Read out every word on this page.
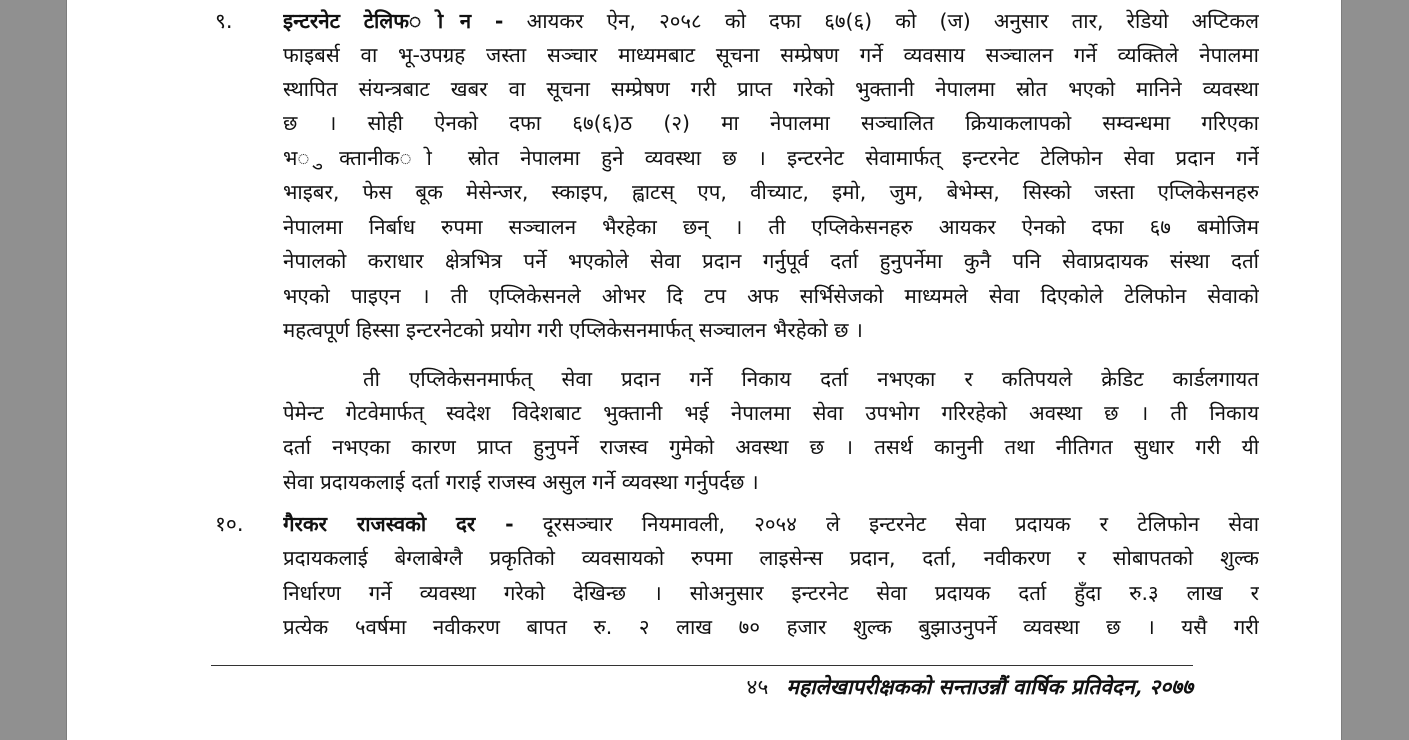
९. इन्टरनेट टेलिफ◌ोन - आयकर ऐन, २०५८ को दफा ६७(६) को (ज) अनुसार तार, रेडियो अप्टिकल
फाइबर्स वा भू-उपग्रह जस्ता सञ्चार माध्यमबाट सूचना सम्प्रेषण गर्ने व्यवसाय सञ्चालन गर्ने व्यक्तिले नेपालमा
स्थापित संयन्त्रबाट खबर वा सूचना सम्प्रेषण गरी प्राप्त गरेको भुक्तानी नेपालमा स्रोत भएको मानिने व्यवस्था
छ । सोही ऐनको दफा ६७(६)ठ (२) मा नेपालमा सञ्चालित क्रियाकलापको सम्वन्धमा गरिएका
भ◌ुक्तानीक◌ो स्रोत नेपालमा हुने व्यवस्था छ । इन्टरनेट सेवामार्फत् इन्टरनेट टेलिफोन सेवा प्रदान गर्ने
भाइबर, फेस बूक मेसेन्जर, स्काइप, ह्वाटस् एप, वीच्याट, इमो, जुम, बेभेम्स, सिस्को जस्ता एप्लिकेसनहरु
नेपालमा निर्बाध रुपमा सञ्चालन भैरहेका छन् । ती एप्लिकेसनहरु आयकर ऐनको दफा ६७ बमोजिम
नेपालको कराधार क्षेत्रभित्र पर्ने भएकोले सेवा प्रदान गर्नुपूर्व दर्ता हुनुपर्नेमा कुनै पनि सेवाप्रदायक संस्था दर्ता
भएको पाइएन । ती एप्लिकेसनले ओभर दि टप अफ सर्भिसेजको माध्यमले सेवा दिएकोले टेलिफोन सेवाको
महत्वपूर्ण हिस्सा इन्टरनेटको प्रयोग गरी एप्लिकेसनमार्फत् सञ्चालन भैरहेको छ ।
ती एप्लिकेसनमार्फत् सेवा प्रदान गर्ने निकाय दर्ता नभएका र कतिपयले क्रेडिट कार्डलगायत
पेमेन्ट गेटवेमार्फत् स्वदेश विदेशबाट भुक्तानी भई नेपालमा सेवा उपभोग गरिरहेको अवस्था छ । ती निकाय
दर्ता नभएका कारण प्राप्त हुनुपर्ने राजस्व गुमेको अवस्था छ । तसर्थ कानुनी तथा नीतिगत सुधार गरी यी
सेवा प्रदायकलाई दर्ता गराई राजस्व असुल गर्ने व्यवस्था गर्नुपर्दछ ।
१०. गैरकर राजस्वको दर - दूरसञ्चार नियमावली, २०५४ ले इन्टरनेट सेवा प्रदायक र टेलिफोन सेवा
प्रदायकलाई बेग्लाबेग्लै प्रकृतिको व्यवसायको रुपमा लाइसेन्स प्रदान, दर्ता, नवीकरण र सोबापतको शुल्क
निर्धारण गर्ने व्यवस्था गरेको देखिन्छ । सोअनुसार इन्टरनेट सेवा प्रदायक दर्ता हुँदा रु.३ लाख र
प्रत्येक ५वर्षमा नवीकरण बापत रु. २ लाख ७० हजार शुल्क बुझाउनुपर्ने व्यवस्था छ । यसै गरी
४५ महालेखापरीक्षकको सन्ताउन्नौं वार्षिक प्रतिवेदन, २०७७
